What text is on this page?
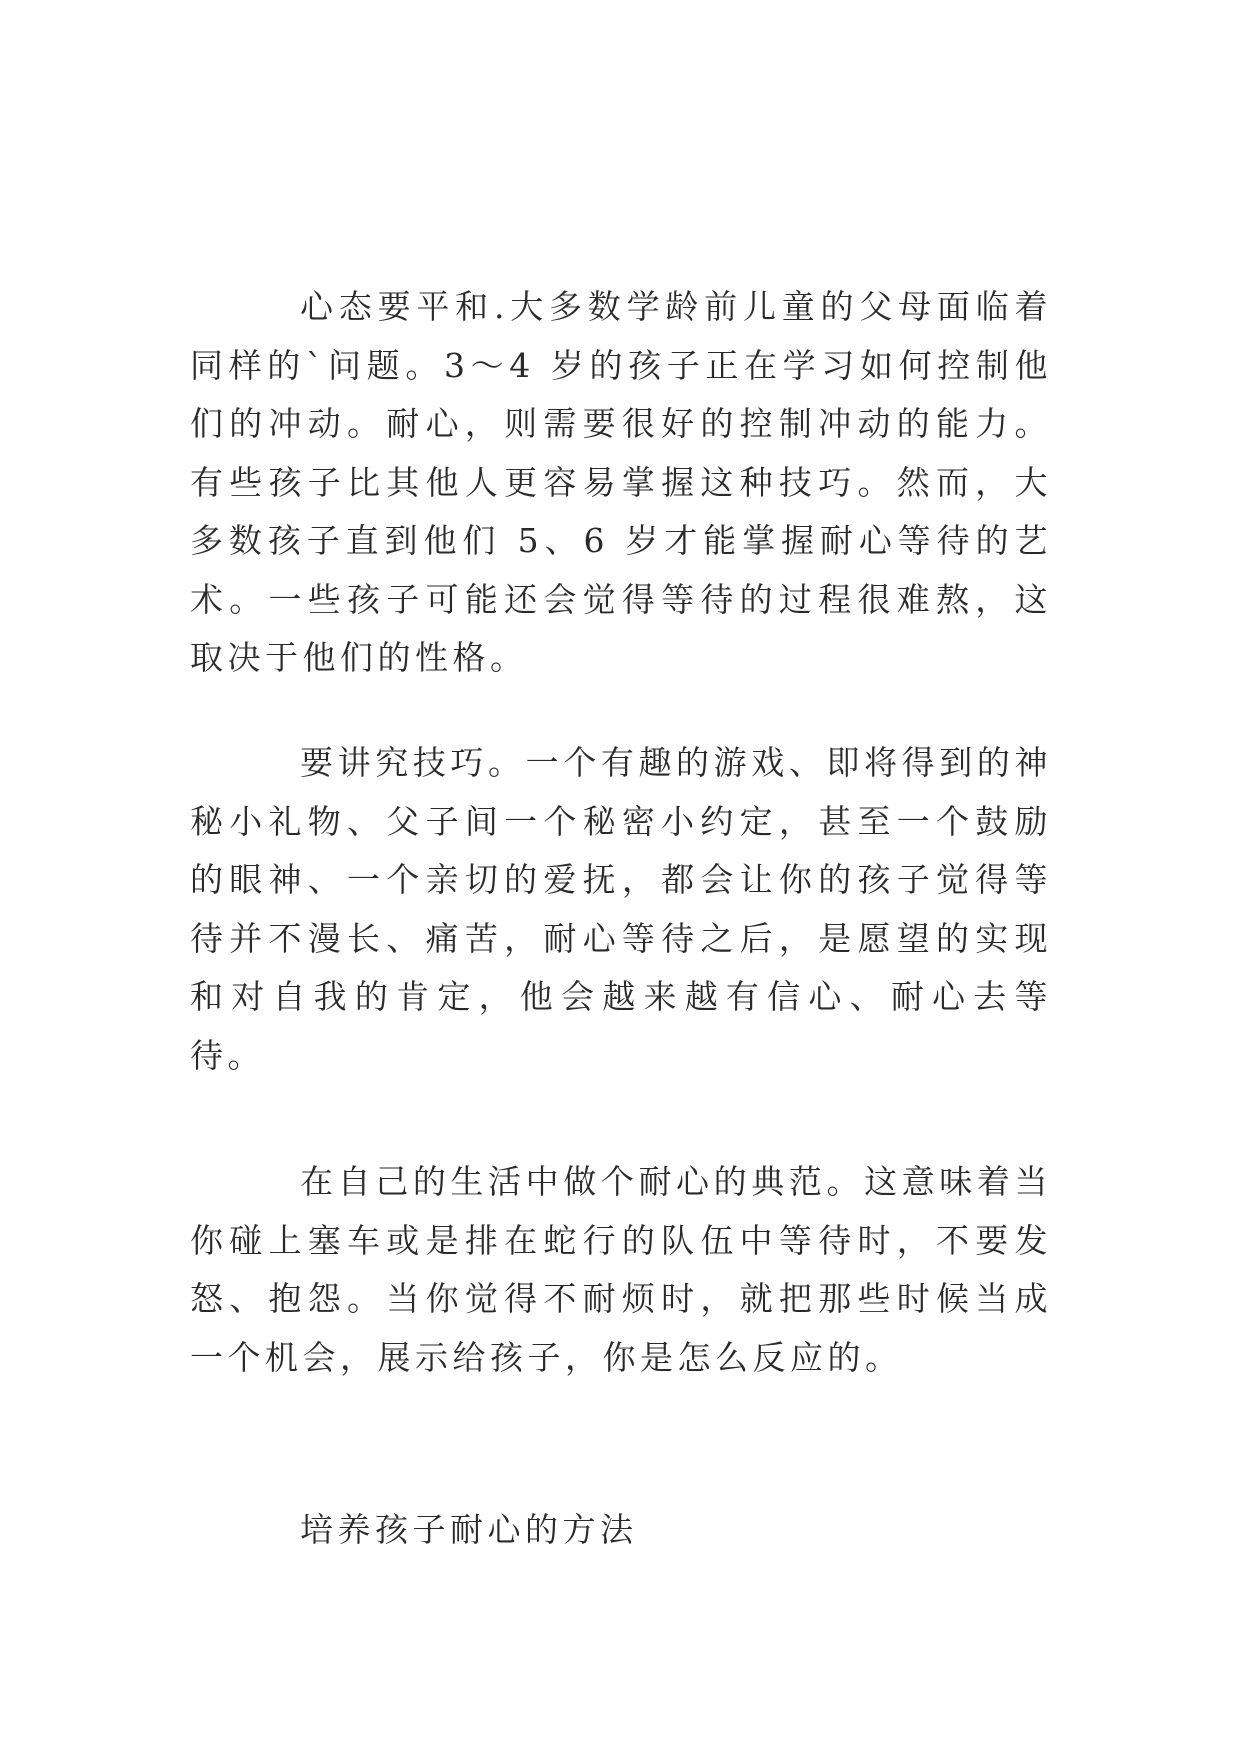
心态要平和.大多数学龄前儿童的父母面临着同样的`问题。3～4 岁的孩子正在学习如何控制他们的冲动。耐心，则需要很好的控制冲动的能力。有些孩子比其他人更容易掌握这种技巧。然而，大多数孩子直到他们 5、6 岁才能掌握耐心等待的艺术。一些孩子可能还会觉得等待的过程很难熬，这取决于他们的性格。

要讲究技巧。一个有趣的游戏、即将得到的神秘小礼物、父子间一个秘密小约定，甚至一个鼓励的眼神、一个亲切的爱抚，都会让你的孩子觉得等待并不漫长、痛苦，耐心等待之后，是愿望的实现和对自我的肯定，他会越来越有信心、耐心去等待。

在自己的生活中做个耐心的典范。这意味着当你碰上塞车或是排在蛇行的队伍中等待时，不要发怒、抱怨。当你觉得不耐烦时，就把那些时候当成一个机会，展示给孩子，你是怎么反应的。

培养孩子耐心的方法
